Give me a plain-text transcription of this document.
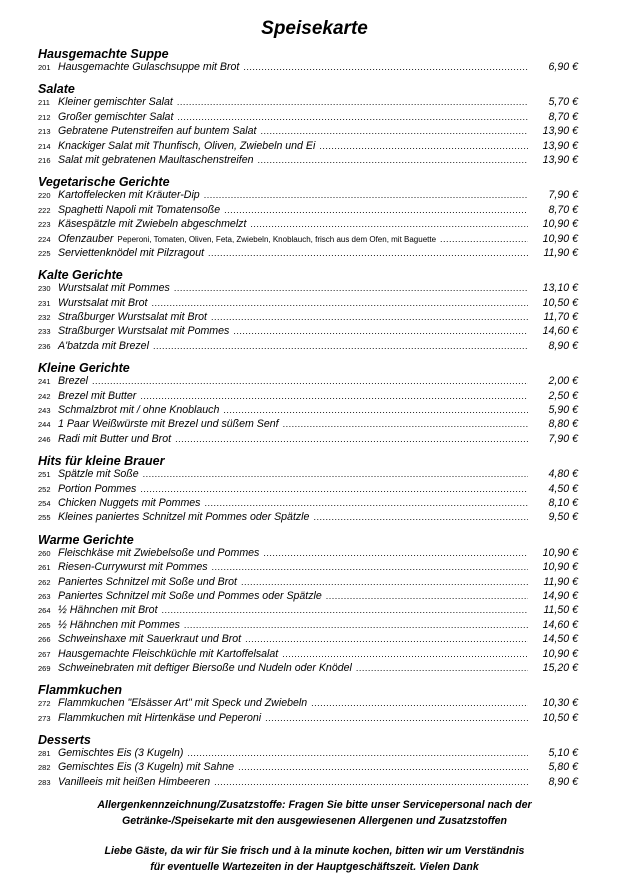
Speisekarte
Hausgemachte Suppe
201 Hausgemachte Gulaschsuppe mit Brot .....	6,90 €
Salate
211 Kleiner gemischter Salat .....	5,70 €
212 Großer gemischter Salat .....	8,70 €
213 Gebratene Putenstreifen auf buntem Salat .....	13,90 €
214 Knackiger Salat mit Thunfisch, Oliven, Zwiebeln und Ei .....	13,90 €
216 Salat mit gebratenen Maultaschenstreifen .....	13,90 €
Vegetarische Gerichte
220 Kartoffelecken mit Kräuter-Dip .....	7,90 €
222 Spaghetti Napoli mit Tomatensoße .....	8,70 €
223 Käsespätzle mit Zwiebeln abgeschmelzt .....	10,90 €
224 Ofenzauber Peperoni, Tomaten, Oliven, Feta, Zwiebeln, Knoblauch, frisch aus dem Ofen, mit Baguette .....	10,90 €
225 Serviettenknödel mit Pilzragout .....	11,90 €
Kalte Gerichte
230 Wurstsalat mit Pommes .....	13,10 €
231 Wurstsalat mit Brot .....	10,50 €
232 Straßburger Wurstsalat mit Brot .....	11,70 €
233 Straßburger Wurstsalat mit Pommes .....	14,60 €
236 A'batzda mit Brezel .....	8,90 €
Kleine Gerichte
241 Brezel .....	2,00 €
242 Brezel mit Butter .....	2,50 €
243 Schmalzbrot mit / ohne Knoblauch .....	5,90 €
244 1 Paar Weißwürste mit Brezel und süßem Senf .....	8,80 €
246 Radi mit Butter und Brot .....	7,90 €
Hits für kleine Brauer
251 Spätzle mit Soße .....	4,80 €
252 Portion Pommes .....	4,50 €
254 Chicken Nuggets mit Pommes .....	8,10 €
255 Kleines paniertes Schnitzel mit Pommes oder Spätzle .....	9,50 €
Warme Gerichte
260 Fleischkäse mit Zwiebelsoße und Pommes .....	10,90 €
261 Riesen-Currywurst mit Pommes .....	10,90 €
262 Paniertes Schnitzel mit Soße und Brot .....	11,90 €
263 Paniertes Schnitzel mit Soße und Pommes oder Spätzle .....	14,90 €
264 ½ Hähnchen mit Brot .....	11,50 €
265 ½ Hähnchen mit Pommes .....	14,60 €
266 Schweinshaxe mit Sauerkraut und Brot .....	14,50 €
267 Hausgemachte Fleischküchle mit Kartoffelsalat .....	10,90 €
269 Schweinebraten mit deftiger Biersoße und Nudeln oder Knödel .....	15,20 €
Flammkuchen
272 Flammkuchen "Elsässer Art" mit Speck und Zwiebeln .....	10,30 €
273 Flammkuchen mit Hirtenkäse und Peperoni .....	10,50 €
Desserts
281 Gemischtes Eis (3 Kugeln) .....	5,10 €
282 Gemischtes Eis (3 Kugeln) mit Sahne .....	5,80 €
283 Vanilleeis mit heißen Himbeeren .....	8,90 €
Allergenkennzeichnung/Zusatzstoffe: Fragen Sie bitte unser Servicepersonal nach der
Getränke-/Speisekarte mit den ausgewiesenen Allergenen und Zusatzstoffen
Liebe Gäste, da wir für Sie frisch und à la minute kochen, bitten wir um Verständnis
für eventuelle Wartezeiten in der Hauptgeschäftszeit. Vielen Dank
